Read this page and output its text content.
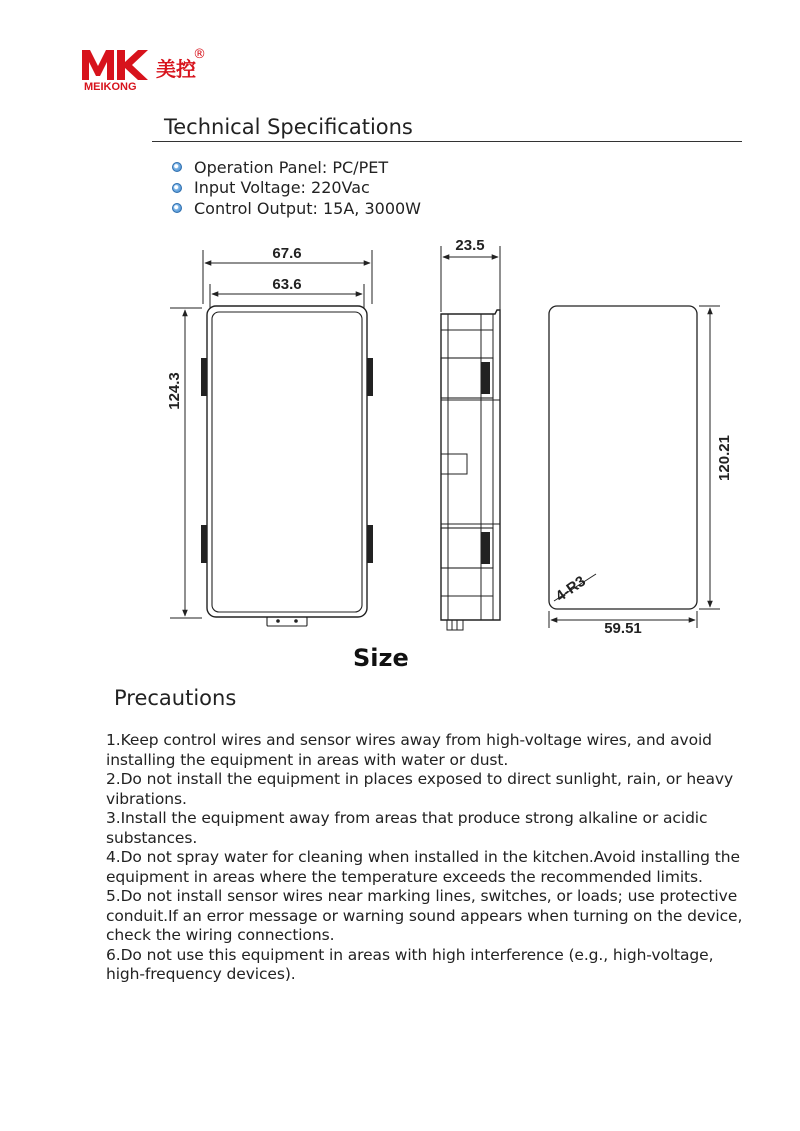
MEIKONG
美控
®
Technical Specifications
Operation Panel: PC/PET
Input Voltage: 220Vac
Control Output: 15A, 3000W
67.6
63.6
124.3
23.5
120.21
59.51
4-R3
Size
Precautions
1.Keep control wires and sensor wires away from high-voltage wires, and avoid installing the equipment in areas with water or dust.
2.Do not install the equipment in places exposed to direct sunlight, rain, or heavy vibrations.
3.Install the equipment away from areas that produce strong alkaline or acidic substances.
4.Do not spray water for cleaning when installed in the kitchen.Avoid installing the equipment in areas where the temperature exceeds the recommended limits.
5.Do not install sensor wires near marking lines, switches, or loads; use protective conduit.If an error message or warning sound appears when turning on the device, check the wiring connections.
6.Do not use this equipment in areas with high interference (e.g., high-voltage, high-frequency devices).
